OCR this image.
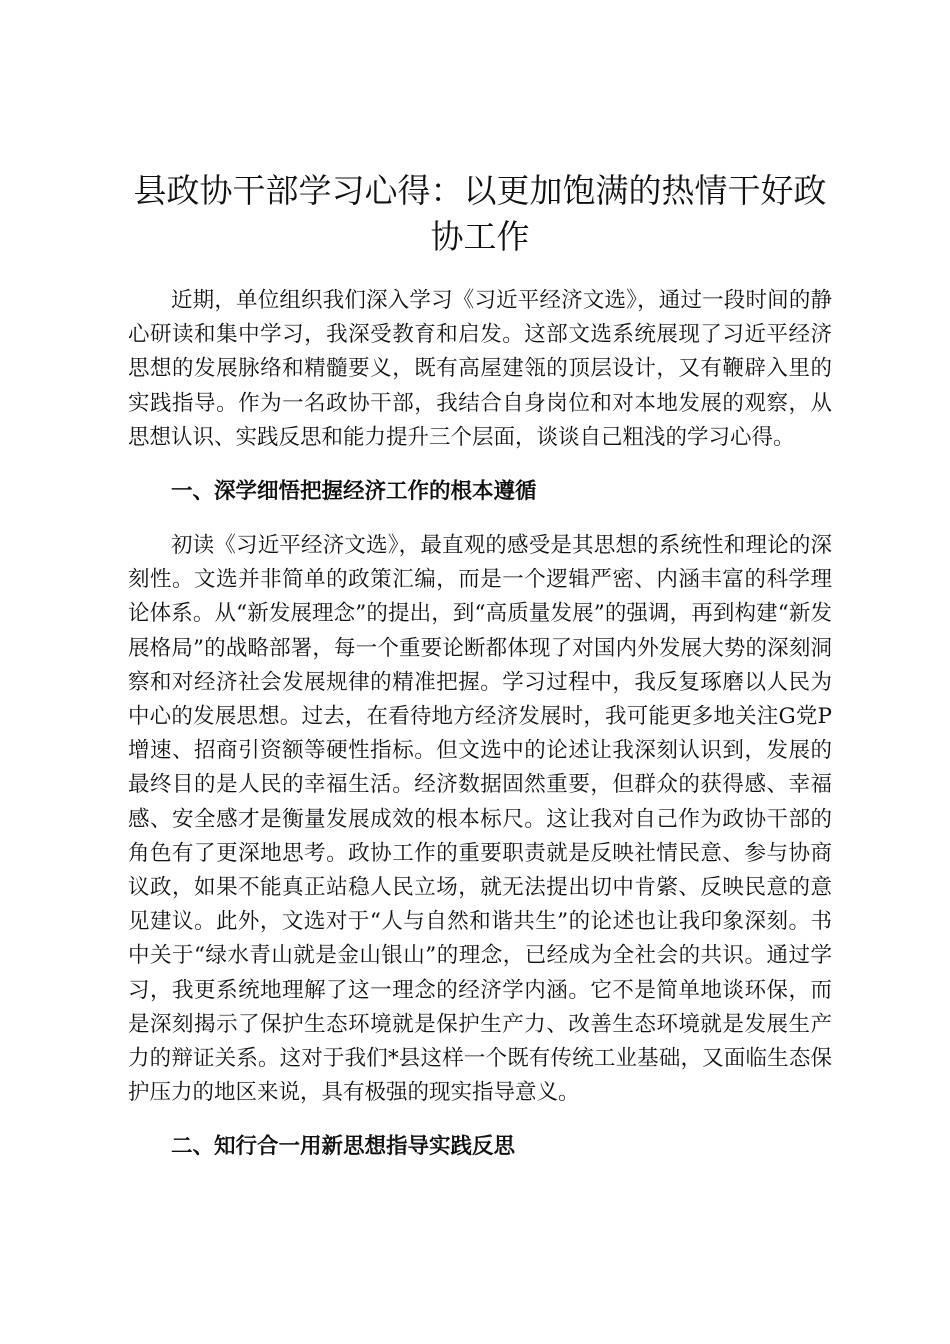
县政协干部学习心得：以更加饱满的热情干好政协工作

近期，单位组织我们深入学习《习近平经济文选》，通过一段时间的静心研读和集中学习，我深受教育和启发。这部文选系统展现了习近平经济思想的发展脉络和精髓要义，既有高屋建瓴的顶层设计，又有鞭辟入里的实践指导。作为一名政协干部，我结合自身岗位和对本地发展的观察，从思想认识、实践反思和能力提升三个层面，谈谈自己粗浅的学习心得。

一、深学细悟把握经济工作的根本遵循

初读《习近平经济文选》，最直观的感受是其思想的系统性和理论的深刻性。文选并非简单的政策汇编，而是一个逻辑严密、内涵丰富的科学理论体系。从“新发展理念”的提出，到“高质量发展”的强调，再到构建“新发展格局”的战略部署，每一个重要论断都体现了对国内外发展大势的深刻洞察和对经济社会发展规律的精准把握。学习过程中，我反复琢磨以人民为中心的发展思想。过去，在看待地方经济发展时，我可能更多地关注G党P增速、招商引资额等硬性指标。但文选中的论述让我深刻认识到，发展的最终目的是人民的幸福生活。经济数据固然重要，但群众的获得感、幸福感、安全感才是衡量发展成效的根本标尺。这让我对自己作为政协干部的角色有了更深地思考。政协工作的重要职责就是反映社情民意、参与协商议政，如果不能真正站稳人民立场，就无法提出切中肯綮、反映民意的意见建议。此外，文选对于“人与自然和谐共生”的论述也让我印象深刻。书中关于“绿水青山就是金山银山”的理念，已经成为全社会的共识。通过学习，我更系统地理解了这一理念的经济学内涵。它不是简单地谈环保，而是深刻揭示了保护生态环境就是保护生产力、改善生态环境就是发展生产力的辩证关系。这对于我们*县这样一个既有传统工业基础，又面临生态保护压力的地区来说，具有极强的现实指导意义。

二、知行合一用新思想指导实践反思
